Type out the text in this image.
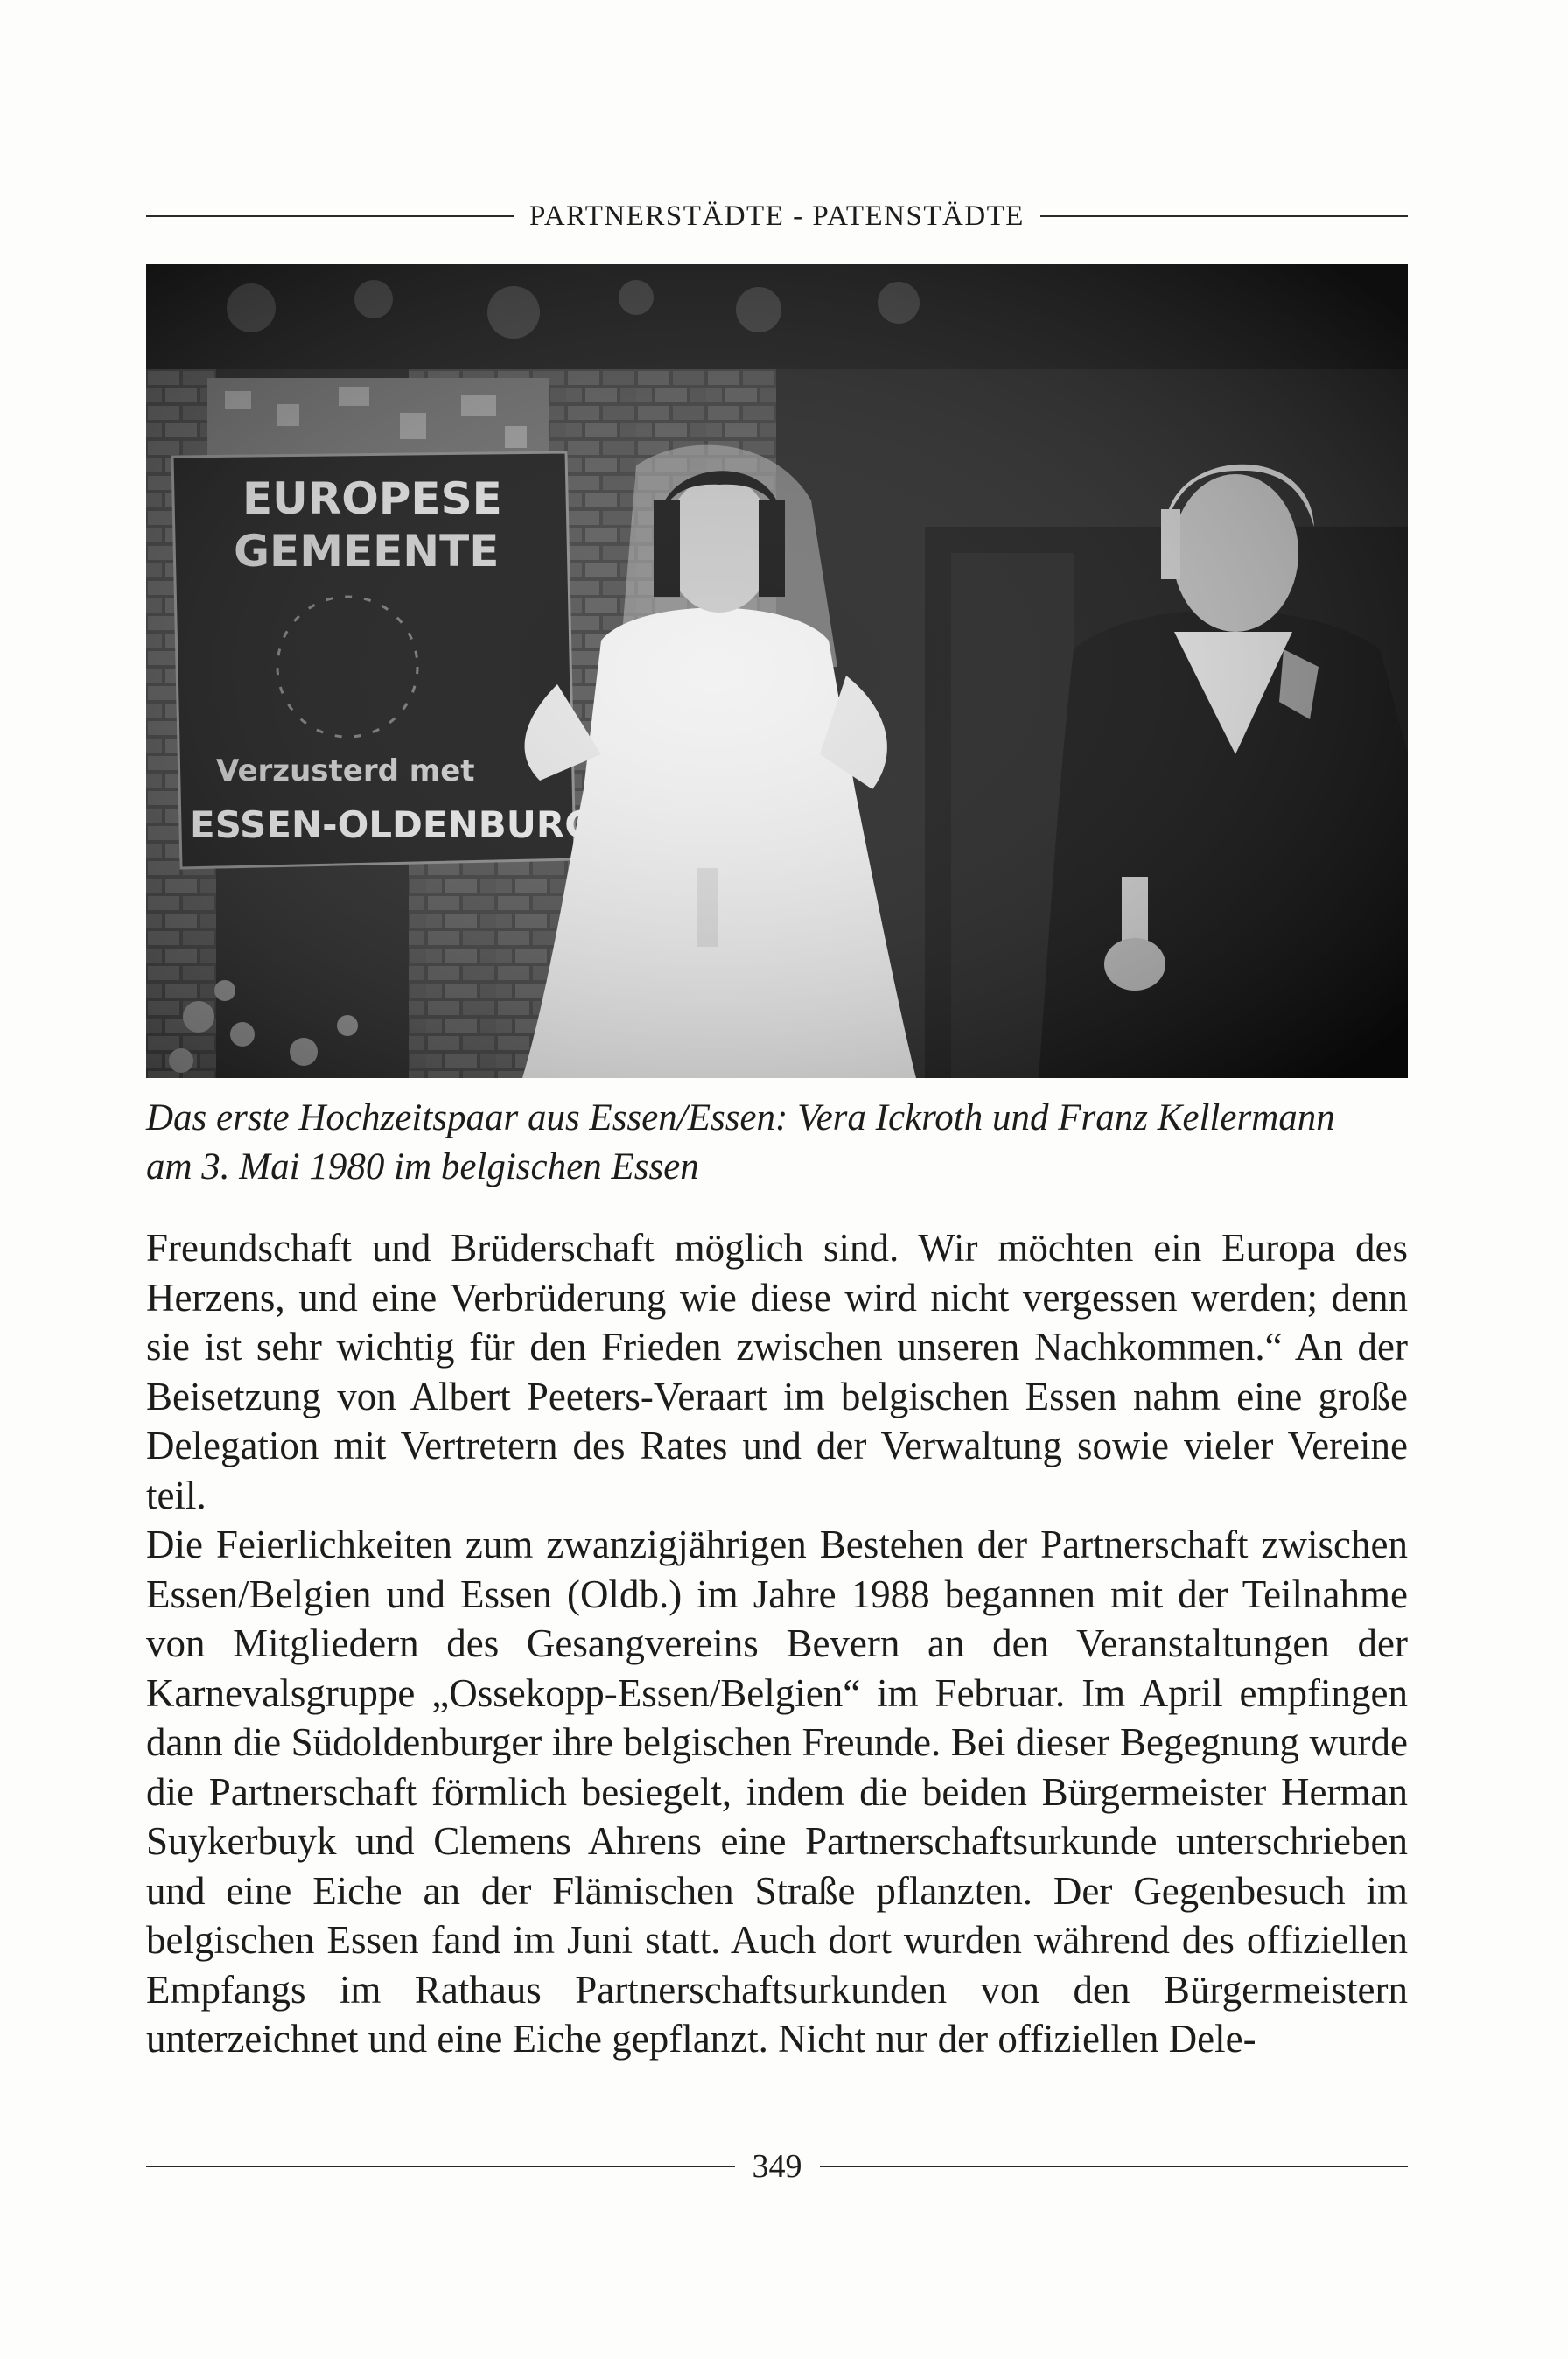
PARTNERSTÄDTE - PATENSTÄDTE
Das erste Hochzeitspaar aus Essen/Essen: Vera Ickroth und Franz Kellermann
am 3. Mai 1980 im belgischen Essen

Freundschaft und Brüderschaft möglich sind. Wir möchten ein Europa des Herzens, und eine Verbrüderung wie diese wird nicht vergessen werden; denn sie ist sehr wichtig für den Frieden zwischen unseren Nachkommen.“ An der Beisetzung von Albert Peeters-Veraart im belgischen Essen nahm eine große Delegation mit Vertretern des Rates und der Verwaltung sowie vieler Vereine teil.

Die Feierlichkeiten zum zwanzigjährigen Bestehen der Partnerschaft zwischen Essen/Belgien und Essen (Oldb.) im Jahre 1988 begannen mit der Teilnahme von Mitgliedern des Gesangvereins Bevern an den Veranstaltungen der Karnevalsgruppe „Ossekopp-Essen/Belgien“ im Februar. Im April empfingen dann die Südoldenburger ihre belgischen Freunde. Bei dieser Begegnung wurde die Partnerschaft förmlich besiegelt, indem die beiden Bürgermeister Herman Suykerbuyk und Clemens Ahrens eine Partnerschaftsurkunde unterschrieben und eine Eiche an der Flämischen Straße pflanzten. Der Gegenbesuch im belgischen Essen fand im Juni statt. Auch dort wurden während des offiziellen Empfangs im Rathaus Partnerschaftsurkunden von den Bürgermeistern unterzeichnet und eine Eiche gepflanzt. Nicht nur der offiziellen Dele-

349
